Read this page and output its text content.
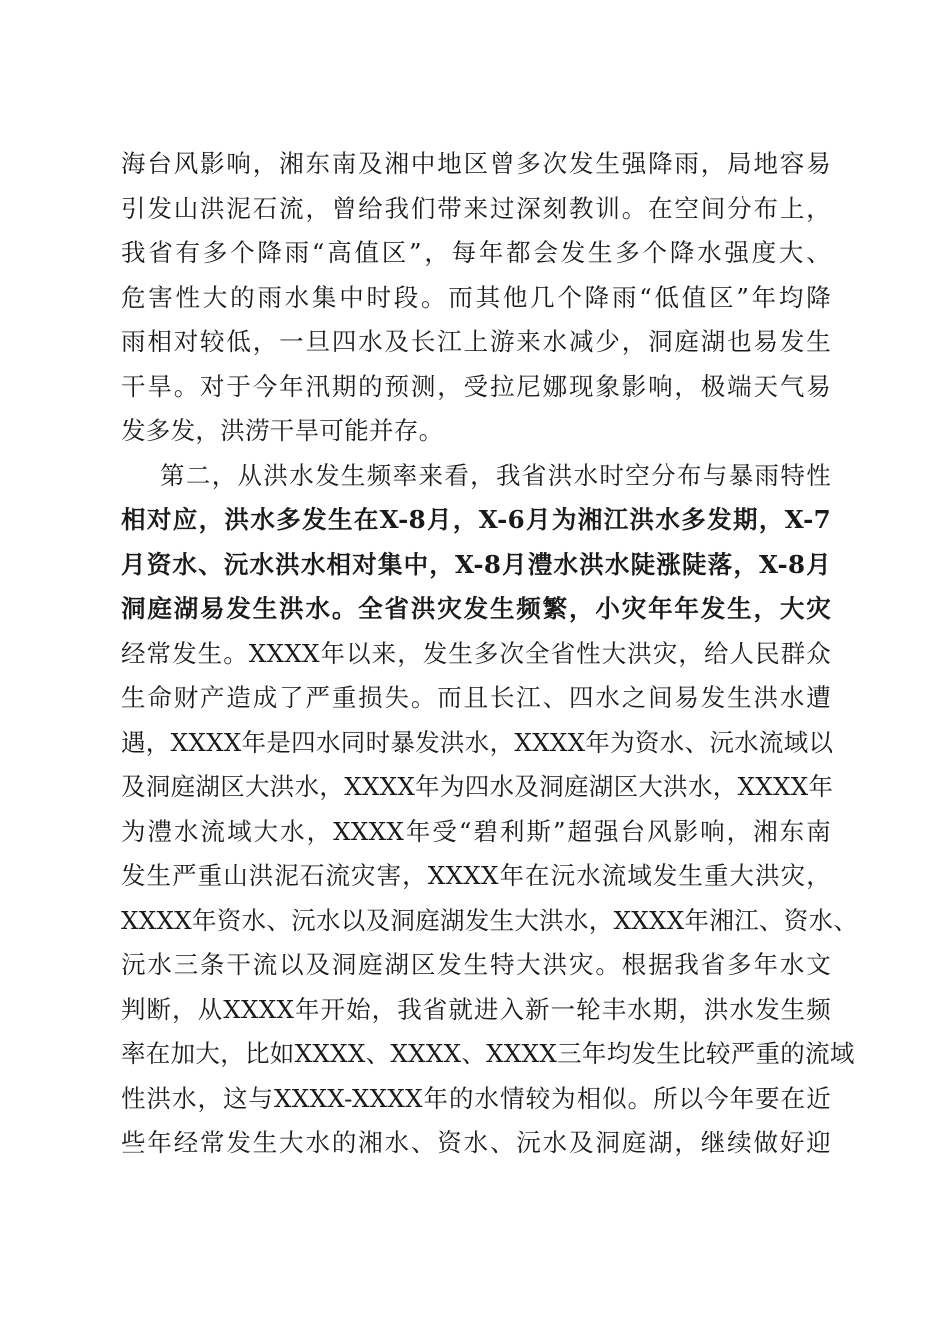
海台风影响，湘东南及湘中地区曾多次发生强降雨，局地容易
引发山洪泥石流，曾给我们带来过深刻教训。在空间分布上，
我省有多个降雨“高值区”，每年都会发生多个降水强度大、
危害性大的雨水集中时段。而其他几个降雨“低值区”年均降
雨相对较低，一旦四水及长江上游来水减少，洞庭湖也易发生
干旱。对于今年汛期的预测，受拉尼娜现象影响，极端天气易
发多发，洪涝干旱可能并存。
第二，从洪水发生频率来看，我省洪水时空分布与暴雨特性
相对应，洪水多发生在X-8月，X-6月为湘江洪水多发期，X-7
月资水、沅水洪水相对集中，X-8月澧水洪水陡涨陡落，X-8月
洞庭湖易发生洪水。全省洪灾发生频繁，小灾年年发生，大灾
经常发生。XXXX年以来，发生多次全省性大洪灾，给人民群众
生命财产造成了严重损失。而且长江、四水之间易发生洪水遭
遇，XXXX年是四水同时暴发洪水，XXXX年为资水、沅水流域以
及洞庭湖区大洪水，XXXX年为四水及洞庭湖区大洪水，XXXX年
为澧水流域大水，XXXX年受“碧利斯”超强台风影响，湘东南
发生严重山洪泥石流灾害，XXXX年在沅水流域发生重大洪灾，
XXXX年资水、沅水以及洞庭湖发生大洪水，XXXX年湘江、资水、
沅水三条干流以及洞庭湖区发生特大洪灾。根据我省多年水文
判断，从XXXX年开始，我省就进入新一轮丰水期，洪水发生频
率在加大，比如XXXX、XXXX、XXXX三年均发生比较严重的流域
性洪水，这与XXXX-XXXX年的水情较为相似。所以今年要在近
些年经常发生大水的湘水、资水、沅水及洞庭湖，继续做好迎
